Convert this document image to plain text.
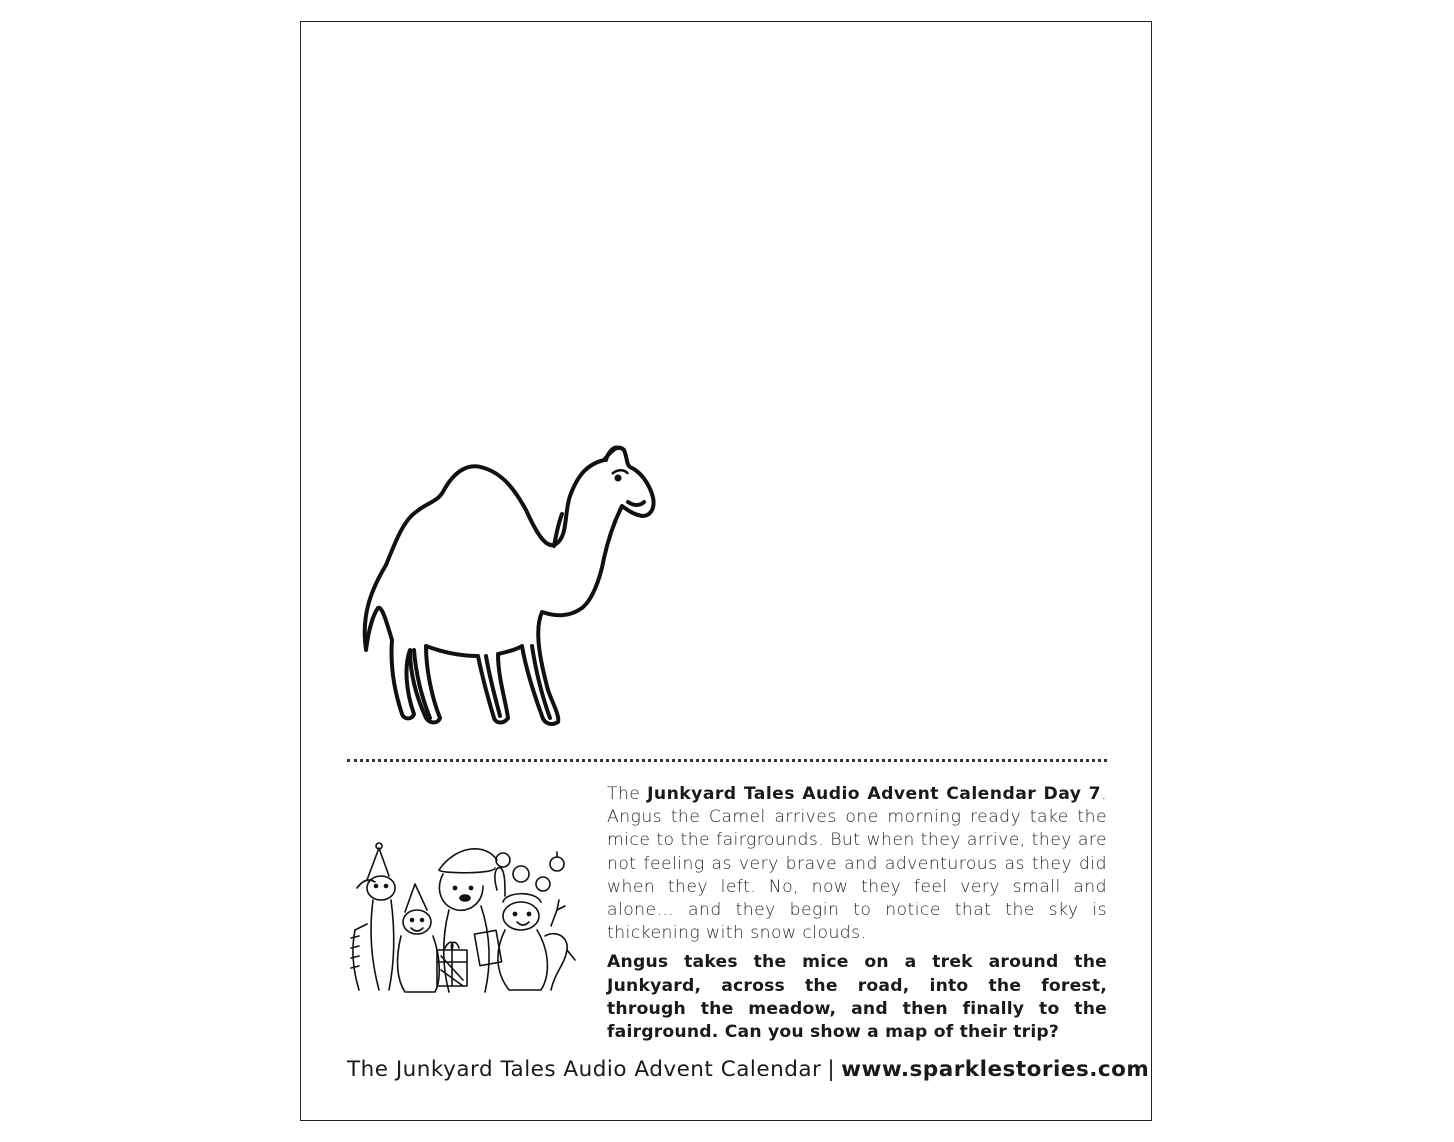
The Junkyard Tales Audio Advent Calendar Day 7. Angus the Camel arrives one morning ready take the mice to the fairgrounds. But when they arrive, they are not feeling as very brave and adventurous as they did when they left. No, now they feel very small and alone… and they begin to notice that the sky is thickening with snow clouds.

Angus takes the mice on a trek around the Junkyard, across the road, into the forest, through the meadow, and then finally to the fairground. Can you show a map of their trip?

The Junkyard Tales Audio Advent Calendar | www.sparklestories.com
